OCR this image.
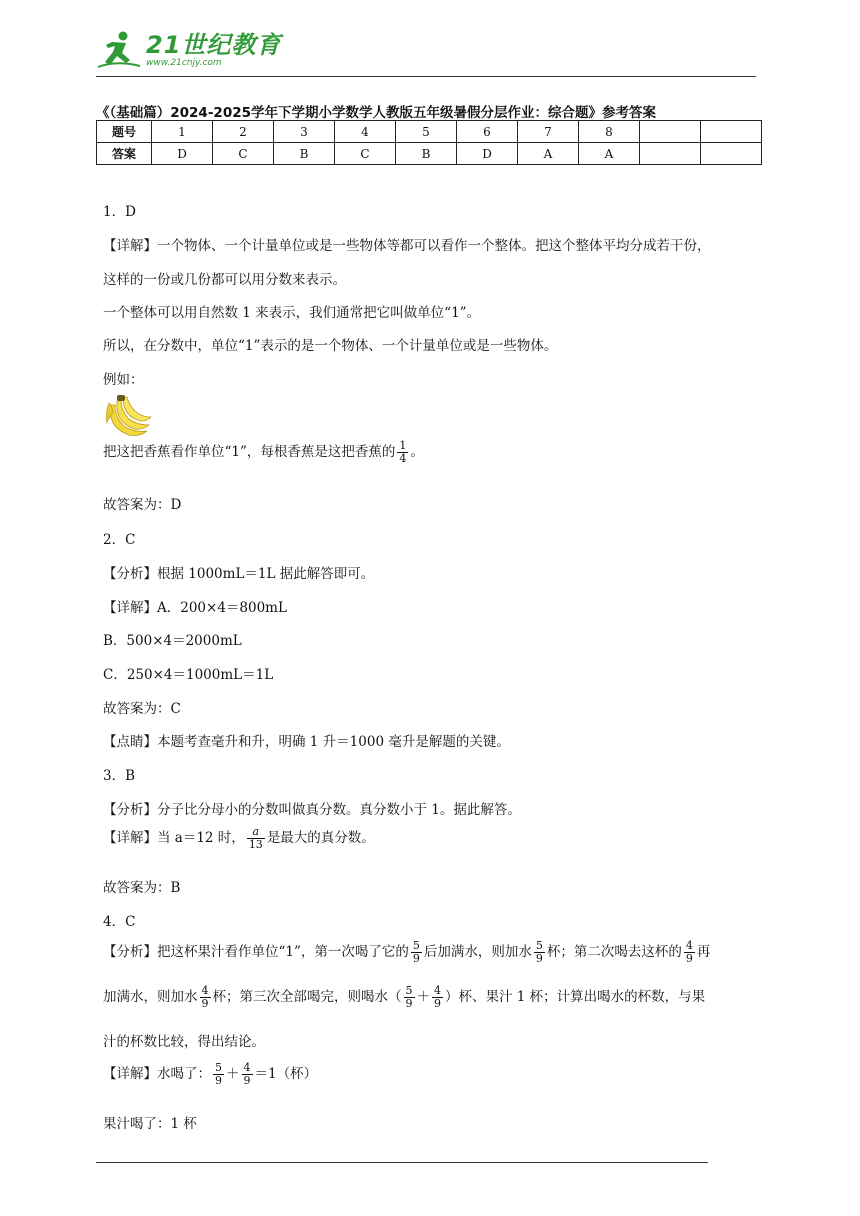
21世纪教育
www.21cnjy.com
《（基础篇）2024-2025学年下学期小学数学人教版五年级暑假分层作业：综合题》参考答案
题号	1	2	3	4	5	6	7	8		
答案	D	C	B	C	B	D	A	A		
1．D
【详解】一个物体、一个计量单位或是一些物体等都可以看作一个整体。把这个整体平均分成若干份，
这样的一份或几份都可以用分数来表示。
一个整体可以用自然数 1 来表示，我们通常把它叫做单位“1”。
所以，在分数中，单位“1”表示的是一个物体、一个计量单位或是一些物体。
例如：
把这把香蕉看作单位“1”，每根香蕉是这把香蕉的 $\frac{1}{4}$ 。
故答案为：D
2．C
【分析】根据 1000mL＝1L 据此解答即可。
【详解】A．200×4＝800mL
B．500×4＝2000mL
C．250×4＝1000mL＝1L
故答案为：C
【点睛】本题考查毫升和升，明确 1 升＝1000 毫升是解题的关键。
3．B
【分析】分子比分母小的分数叫做真分数。真分数小于 1。据此解答。
【详解】当 a＝12 时， $\frac{a}{13}$ 是最大的真分数。
故答案为：B
4．C
【分析】把这杯果汁看作单位“1”，第一次喝了它的 $\frac{5}{9}$ 后加满水，则加水 $\frac{5}{9}$ 杯；第二次喝去这杯的 $\frac{4}{9}$ 再
加满水，则加水 $\frac{4}{9}$ 杯；第三次全部喝完，则喝水（ $\frac{5}{9} + \frac{4}{9}$ ）杯、果汁 1 杯；计算出喝水的杯数，与果
汁的杯数比较，得出结论。
【详解】水喝了： $\frac{5}{9} + \frac{4}{9} =1$（杯）
果汁喝了：1 杯
